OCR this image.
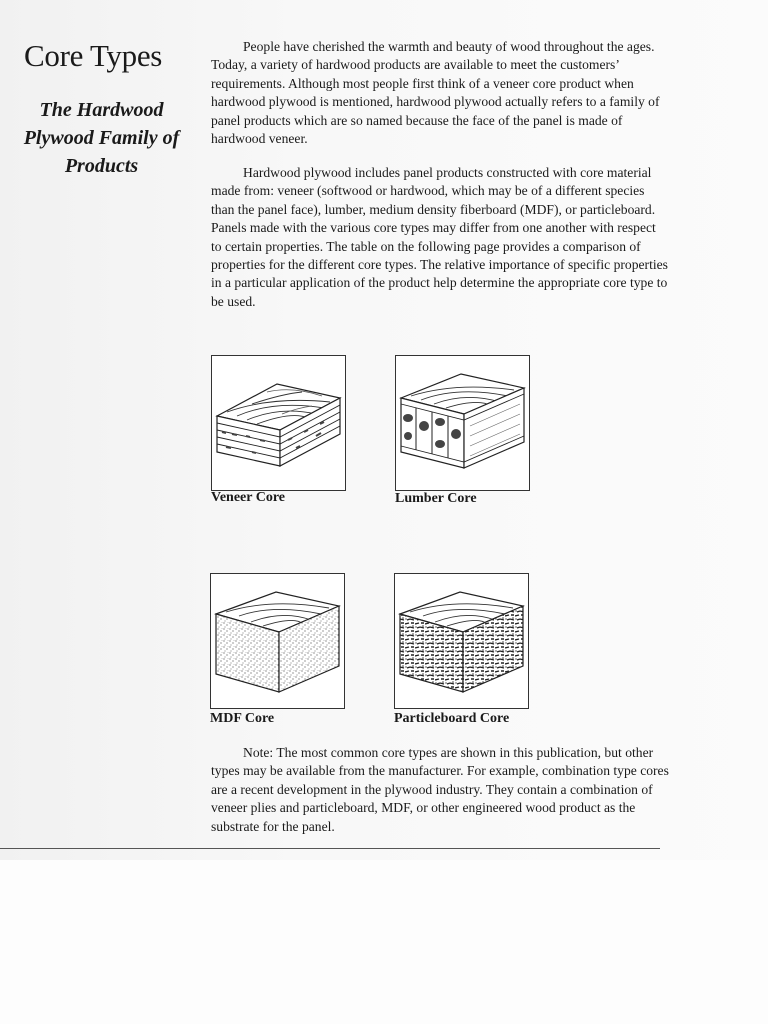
Core Types
The Hardwood Plywood Family of Products

People have cherished the warmth and beauty of wood throughout the ages. Today, a variety of hardwood products are available to meet the customers’ requirements. Although most people first think of a veneer core product when hardwood plywood is mentioned, hardwood plywood actually refers to a family of panel products which are so named because the face of the panel is made of hardwood veneer.

Hardwood plywood includes panel products constructed with core material made from: veneer (softwood or hardwood, which may be of a different species than the panel face), lumber, medium density fiberboard (MDF), or particleboard. Panels made with the various core types may differ from one another with respect to certain properties. The table on the following page provides a comparison of properties for the different core types. The relative importance of specific properties in a particular application of the product help determine the appropriate core type to be used.

Veneer Core	Lumber Core

MDF Core	Particleboard Core

Note: The most common core types are shown in this publication, but other types may be available from the manufacturer. For example, combination type cores are a recent development in the plywood industry. They contain a combination of veneer plies and particleboard, MDF, or other engineered wood product as the substrate for the panel.
